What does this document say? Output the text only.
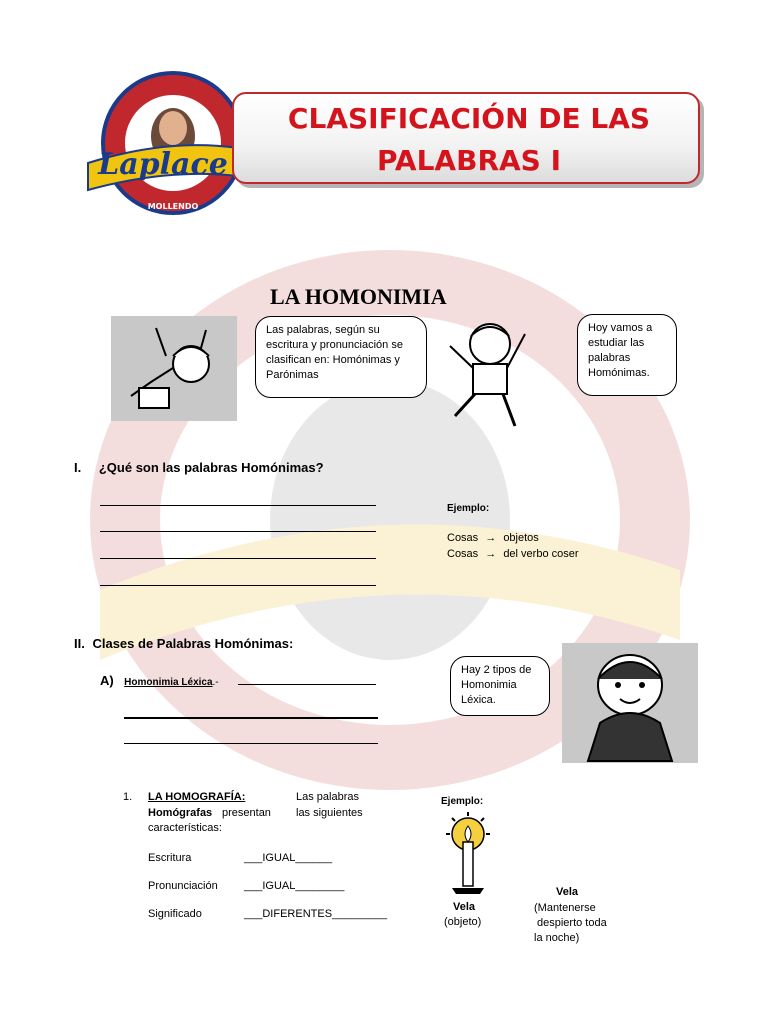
Laplace
MOLLENDO
CLASIFICACIÓN DE LAS
PALABRAS I
LA HOMONIMIA
Las palabras, según su escritura y pronunciación se clasifican en: Homónimas y Parónimas
Hoy vamos a estudiar las palabras Homónimas.
I. ¿Qué son las palabras Homónimas?
Ejemplo:
Cosas → objetos
Cosas → del verbo coser
II. Clases de Palabras Homónimas:
A) Homonimia Léxica.-
Hay 2 tipos de Homonimia Léxica.
1. LA HOMOGRAFÍA:	Las palabras
Homógrafas presentan las siguientes
características:
Escritura	___IGUAL______
Pronunciación ___IGUAL________
Significado	___DIFERENTES_________
Ejemplo:
Vela
(objeto)
Vela
(Mantenerse
despierto toda
la noche)
